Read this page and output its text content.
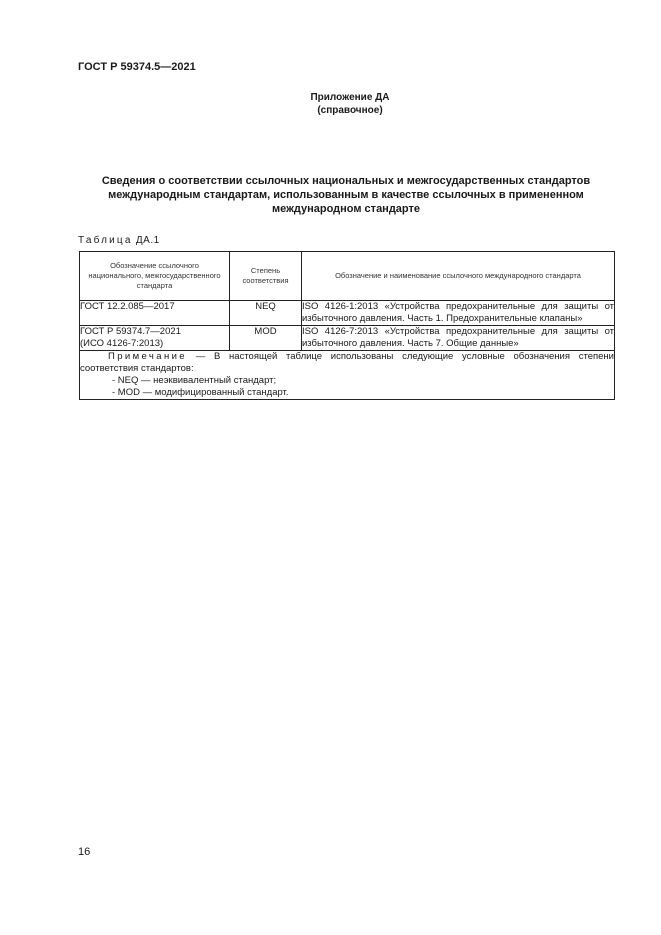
ГОСТ Р 59374.5—2021
Приложение ДА
(справочное)
Сведения о соответствии ссылочных национальных и межгосударственных стандартов международным стандартам, использованным в качестве ссылочных в примененном международном стандарте
Таблица ДА.1
Обозначение ссылочного национального, межгосударственного стандарта	Степень соответствия	Обозначение и наименование ссылочного международного стандарта

ГОСТ 12.2.085—2017	NEQ	ISO 4126-1:2013 «Устройства предохранительные для защиты от избыточного давления. Часть 1. Предохранительные клапаны»

ГОСТ Р 59374.7—2021
(ИСО 4126-7:2013)	MOD	ISO 4126-7:2013 «Устройства предохранительные для защиты от избыточного давления. Часть 7. Общие данные»

Примечание — В настоящей таблице использованы следующие условные обозначения степени соответствия стандартов:
- NEQ — неэквивалентный стандарт;
- MOD — модифицированный стандарт.		
16
